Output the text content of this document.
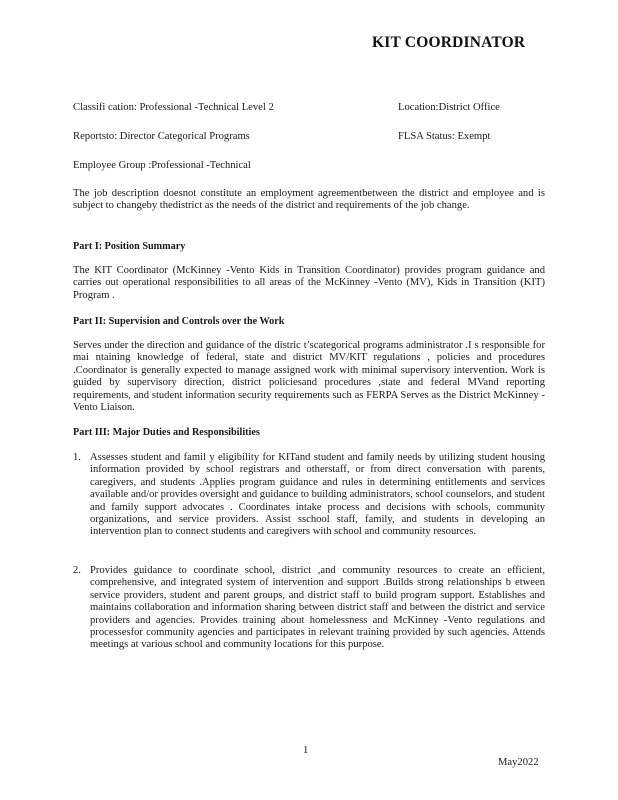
KIT COORDINATOR
Classifi cation: Professional -Technical Level 2	Location:District Office
Reportsto: Director Categorical Programs	FLSA Status: Exempt
Employee Group :Professional -Technical
The job description doesnot constitute an employment agreementbetween the district and employee and is subject to changeby thedistrict as the needs of the district and requirements of the job change.
Part I: Position Summary
The KIT Coordinator (McKinney -Vento Kids in Transition Coordinator) provides program guidance and carries out operational responsibilities to all areas of the McKinney -Vento (MV), Kids in Transition (KIT) Program .
Part II: Supervision and Controls over the Work
Serves under the direction and guidance of the distric t’scategorical programs administrator .I s responsible for mai ntaining knowledge of federal, state and district MV/KIT regulations , policies and procedures .Coordinator is generally expected to manage assigned work with minimal supervisory intervention. Work is guided by supervisory direction, district policiesand procedures ,state and federal MVand reporting requirements, and student information security requirements such as FERPA Serves as the District McKinney -Vento Liaison.
Part III: Major Duties and Responsibilities
1. Assesses student and famil y eligibility for KITand student and family needs by utilizing student housing information provided by school registrars and otherstaff, or from direct conversation with parents, caregivers, and students .Applies program guidance and rules in determining entitlements and services available and/or provides oversight and guidance to building administrators, school counselors, and student and family support advocates . Coordinates intake process and decisions with schools, community organizations, and service providers. Assist sschool staff, family, and students in developing an intervention plan to connect students and caregivers with school and community resources.
2. Provides guidance to coordinate school, district ,and community resources to create an efficient, comprehensive, and integrated system of intervention and support .Builds strong relationships b etween service providers, student and parent groups, and district staff to build program support. Establishes and maintains collaboration and information sharing between district staff and between the district and service providers and agencies. Provides training about homelessness and McKinney -Vento regulations and processesfor community agencies and participates in relevant training provided by such agencies. Attends meetings at various school and community locations for this purpose.
1
May2022
